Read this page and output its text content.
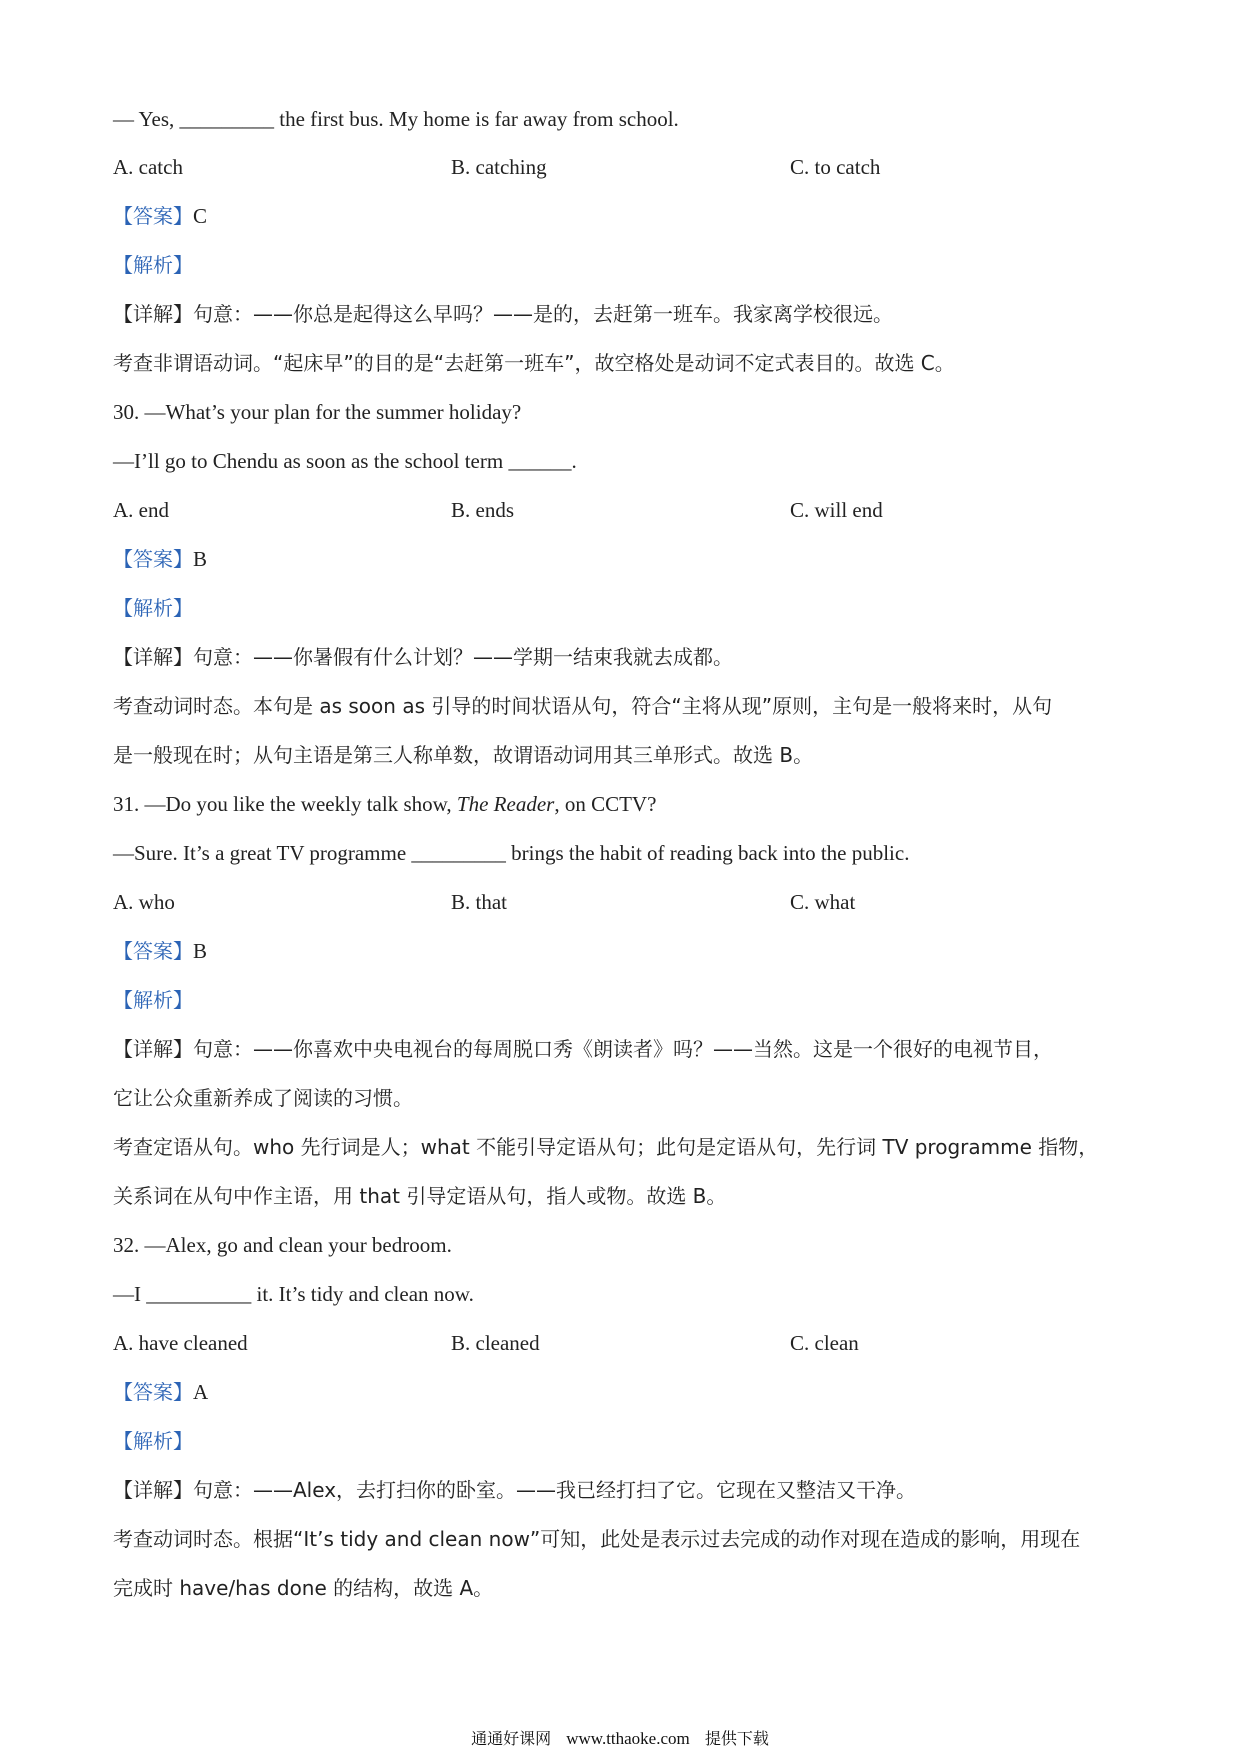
— Yes, _________ the first bus. My home is far away from school.
A. catch	B. catching	C. to catch
【答案】C
【解析】
【详解】句意：——你总是起得这么早吗？——是的，去赶第一班车。我家离学校很远。
考查非谓语动词。“起床早”的目的是“去赶第一班车”，故空格处是动词不定式表目的。故选 C。
30. —What’s your plan for the summer holiday?
—I’ll go to Chendu as soon as the school term ______.
A. end	B. ends	C. will end
【答案】B
【解析】
【详解】句意：——你暑假有什么计划？——学期一结束我就去成都。
考查动词时态。本句是 as soon as 引导的时间状语从句，符合“主将从现”原则，主句是一般将来时，从句
是一般现在时；从句主语是第三人称单数，故谓语动词用其三单形式。故选 B。
31. —Do you like the weekly talk show, The Reader, on CCTV?
—Sure. It’s a great TV programme _________ brings the habit of reading back into the public.
A. who	B. that	C. what
【答案】B
【解析】
【详解】句意：——你喜欢中央电视台的每周脱口秀《朗读者》吗？——当然。这是一个很好的电视节目，
它让公众重新养成了阅读的习惯。
考查定语从句。who 先行词是人；what 不能引导定语从句；此句是定语从句，先行词 TV programme 指物，
关系词在从句中作主语，用 that 引导定语从句，指人或物。故选 B。
32. —Alex, go and clean your bedroom.
—I __________ it. It’s tidy and clean now.
A. have cleaned	B. cleaned	C. clean
【答案】A
【解析】
【详解】句意：——Alex，去打扫你的卧室。——我已经打扫了它。它现在又整洁又干净。
考查动词时态。根据“It’s tidy and clean now”可知，此处是表示过去完成的动作对现在造成的影响，用现在
完成时 have/has done 的结构，故选 A。
通通好课网 www.tthaoke.com 提供下载
